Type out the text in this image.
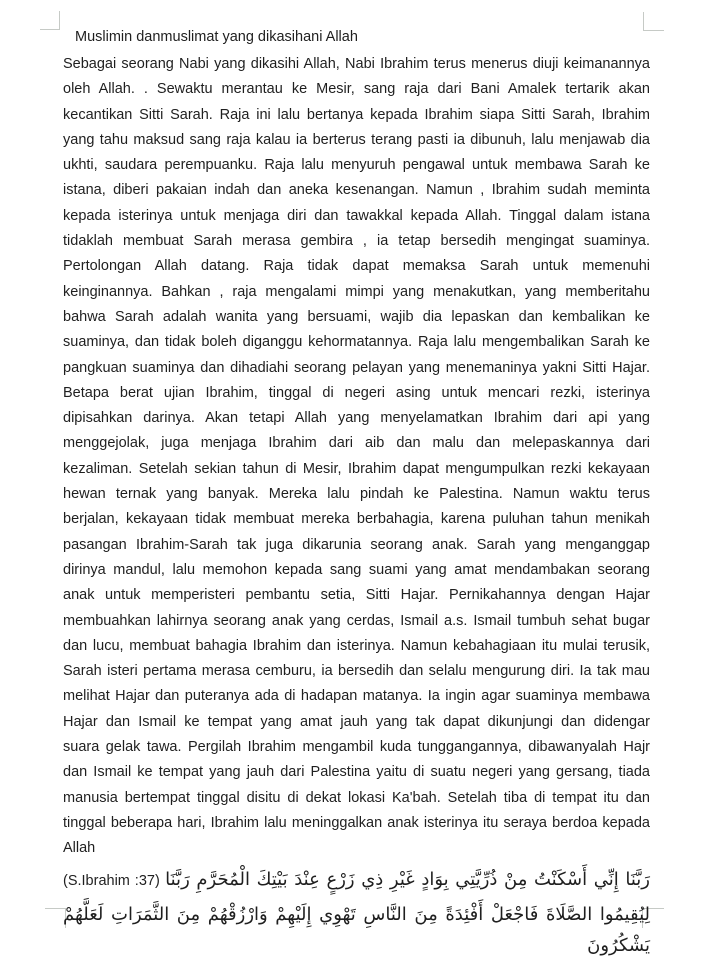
Muslimin danmuslimat yang dikasihani Allah

Sebagai seorang Nabi yang dikasihi Allah, Nabi Ibrahim terus menerus diuji keimanannya oleh Allah. . Sewaktu merantau ke Mesir, sang raja dari Bani Amalek tertarik akan kecantikan Sitti Sarah. Raja ini lalu bertanya kepada Ibrahim siapa Sitti Sarah, Ibrahim yang tahu maksud sang raja kalau ia berterus terang pasti ia dibunuh, lalu menjawab dia ukhti, saudara perempuanku. Raja lalu menyuruh pengawal untuk membawa Sarah ke istana, diberi pakaian indah dan aneka kesenangan. Namun , Ibrahim sudah meminta kepada isterinya untuk menjaga diri dan tawakkal kepada Allah. Tinggal dalam istana tidaklah membuat Sarah merasa gembira , ia tetap bersedih mengingat suaminya. Pertolongan Allah datang. Raja tidak dapat memaksa Sarah untuk memenuhi keinginannya. Bahkan , raja mengalami mimpi yang menakutkan, yang memberitahu bahwa Sarah adalah wanita yang bersuami, wajib dia lepaskan dan kembalikan ke suaminya, dan tidak boleh diganggu kehormatannya. Raja lalu mengembalikan Sarah ke pangkuan suaminya dan dihadiahi seorang pelayan yang menemaninya yakni Sitti Hajar. Betapa berat ujian Ibrahim, tinggal di negeri asing untuk mencari rezki, isterinya dipisahkan darinya. Akan tetapi Allah yang menyelamatkan Ibrahim dari api yang menggejolak, juga menjaga Ibrahim dari aib dan malu dan melepaskannya dari kezaliman. Setelah sekian tahun di Mesir, Ibrahim dapat mengumpulkan rezki kekayaan hewan ternak yang banyak. Mereka lalu pindah ke Palestina. Namun waktu terus berjalan, kekayaan tidak membuat mereka berbahagia, karena puluhan tahun menikah pasangan Ibrahim-Sarah tak juga dikarunia seorang anak. Sarah yang menganggap dirinya mandul, lalu memohon kepada sang suami yang amat mendambakan seorang anak untuk memperisteri pembantu setia, Sitti Hajar. Pernikahannya dengan Hajar membuahkan lahirnya seorang anak yang cerdas, Ismail a.s. Ismail tumbuh sehat bugar dan lucu, membuat bahagia Ibrahim dan isterinya. Namun kebahagiaan itu mulai terusik, Sarah isteri pertama merasa cemburu, ia bersedih dan selalu mengurung diri. Ia tak mau melihat Hajar dan puteranya ada di hadapan matanya. Ia ingin agar suaminya membawa Hajar dan Ismail ke tempat yang amat jauh yang tak dapat dikunjungi dan didengar suara gelak tawa. Pergilah Ibrahim mengambil kuda tunggangannya, dibawanyalah Hajr dan Ismail ke tempat yang jauh dari Palestina yaitu di suatu negeri yang gersang, tiada manusia bertempat tinggal disitu di dekat lokasi Ka'bah. Setelah tiba di tempat itu dan tinggal beberapa hari, Ibrahim lalu meninggalkan anak isterinya itu seraya berdoa kepada Allah

(S.Ibrahim :37) رَبَّنَا إِنِّي أَسْكَنْتُ مِنْ ذُرِّيَّتِي بِوَادٍ غَيْرِ ذِي زَرْعٍ عِنْدَ بَيْتِكَ الْمُحَرَّمِ رَبَّنَا

لِيُقِيمُوا الصَّلَاةَ فَاجْعَلْ أَفْئِدَةً مِنَ النَّاسِ تَهْوِي إِلَيْهِمْ وَارْزُقْهُمْ مِنَ الثَّمَرَاتِ لَعَلَّهُمْ يَشْكُرُونَ
